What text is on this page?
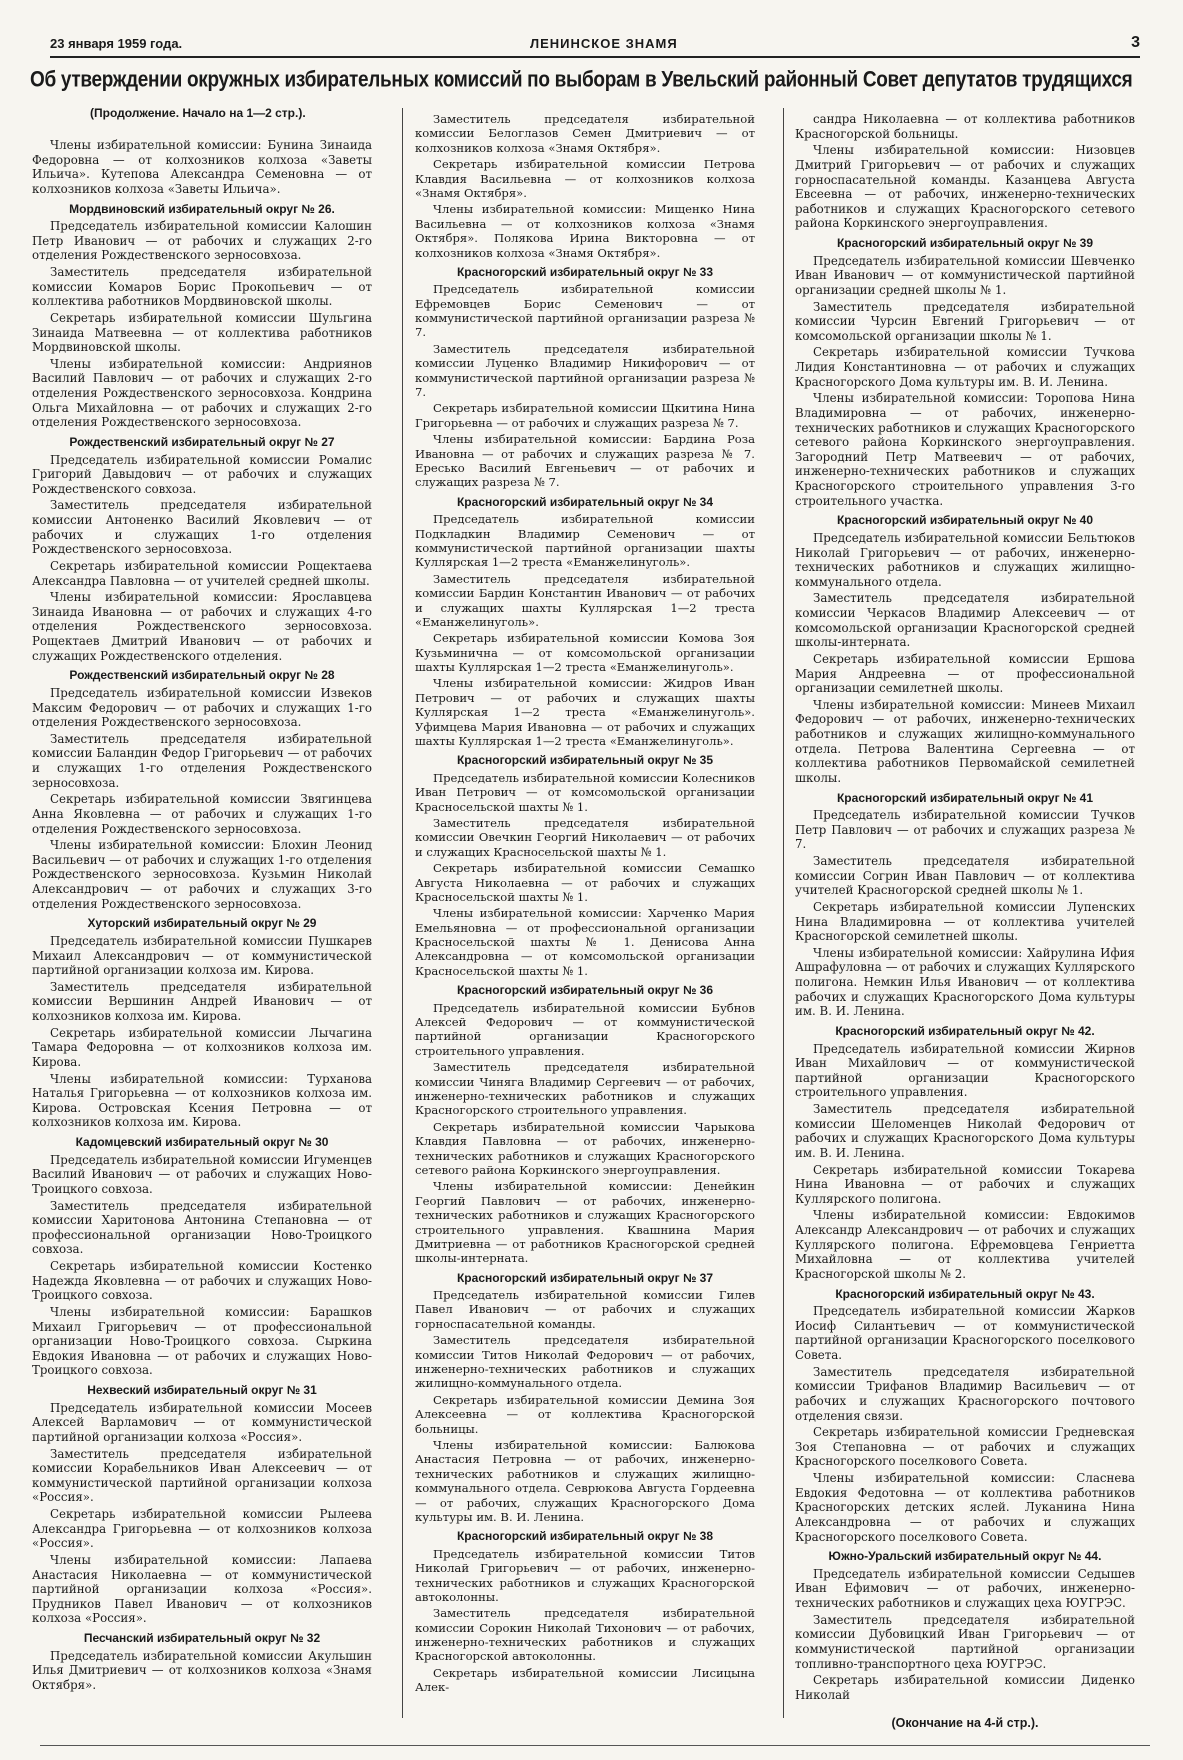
23 января 1959 года.	ЛЕНИНСКОЕ ЗНАМЯ	3
Об утверждении окружных избирательных комиссий по выборам в Увельский районный Совет депутатов трудящихся
(Продолжение. Начало на 1—2 стр.).

Члены избирательной комиссии: Бунина Зинаида Федоровна — от колхозников колхоза «Заветы Ильича». Кутепова Александра Семеновна — от колхозников колхоза «Заветы Ильича».

Мордвиновский избирательный округ № 26.

Председатель избирательной комиссии Калошин Петр Иванович — от рабочих и служащих 2-го отделения Рождественского зерносовхоза.

Заместитель председателя избирательной комиссии Комаров Борис Прокопьевич — от коллектива работников Мордвиновской школы.

Секретарь избирательной комиссии Шульгина Зинаида Матвеевна — от коллектива работников Мордвиновской школы.

Члены избирательной комиссии: Андриянов Василий Павлович — от рабочих и служащих 2-го отделения Рождественского зерносовхоза. Кондрина Ольга Михайловна — от рабочих и служащих 2-го отделения Рождественского зерносовхоза.

Рождественский избирательный округ № 27

Председатель избирательной комиссии Ромалис Григорий Давыдович — от рабочих и служащих Рождественского совхоза.

Заместитель председателя избирательной комиссии Антоненко Василий Яковлевич — от рабочих и служащих 1-го отделения Рождественского зерносовхоза.

Секретарь избирательной комиссии Рощектаева Александра Павловна — от учителей средней школы.

Члены избирательной комиссии: Ярославцева Зинаида Ивановна — от рабочих и служащих 4-го отделения Рождественского зерносовхоза. Рощектаев Дмитрий Иванович — от рабочих и служащих Рождественского отделения.

Рождественский избирательный округ № 28

Председатель избирательной комиссии Извеков Максим Федорович — от рабочих и служащих 1-го отделения Рождественского зерносовхоза.

Заместитель председателя избирательной комиссии Баландин Федор Григорьевич — от рабочих и служащих 1-го отделения Рождественского зерносовхоза.

Секретарь избирательной комиссии Звягинцева Анна Яковлевна — от рабочих и служащих 1-го отделения Рождественского зерносовхоза.

Члены избирательной комиссии: Блохин Леонид Васильевич — от рабочих и служащих 1-го отделения Рождественского зерносовхоза. Кузьмин Николай Александрович — от рабочих и служащих 3-го отделения Рождественского зерносовхоза.

Хуторский избирательный округ № 29

Председатель избирательной комиссии Пушкарев Михаил Александрович — от коммунистической партийной организации колхоза им. Кирова.

Заместитель председателя избирательной комиссии Вершинин Андрей Иванович — от колхозников колхоза им. Кирова.

Секретарь избирательной комиссии Лычагина Тамара Федоровна — от колхозников колхоза им. Кирова.

Члены избирательной комиссии: Турханова Наталья Григорьевна — от колхозников колхоза им. Кирова. Островская Ксения Петровна — от колхозников колхоза им. Кирова.

Кадомцевский избирательный округ № 30

Председатель избирательной комиссии Игуменцев Василий Иванович — от рабочих и служащих Ново-Троицкого совхоза.

Заместитель председателя избирательной комиссии Харитонова Антонина Степановна — от профессиональной организации Ново-Троицкого совхоза.

Секретарь избирательной комиссии Костенко Надежда Яковлевна — от рабочих и служащих Ново-Троицкого совхоза.

Члены избирательной комиссии: Барашков Михаил Григорьевич — от профессиональной организации Ново-Троицкого совхоза. Сыркина Евдокия Ивановна — от рабочих и служащих Ново-Троицкого совхоза.

Нехвеский избирательный округ № 31

Председатель избирательной комиссии Мосеев Алексей Варламович — от коммунистической партийной организации колхоза «Россия».

Заместитель председателя избирательной комиссии Корабельников Иван Алексеевич — от коммунистической партийной организации колхоза «Россия».

Секретарь избирательной комиссии Рылеева Александра Григорьевна — от колхозников колхоза «Россия».

Члены избирательной комиссии: Лапаева Анастасия Николаевна — от коммунистической партийной организации колхоза «Россия». Прудников Павел Иванович — от колхозников колхоза «Россия».

Песчанский избирательный округ № 32

Председатель избирательной комиссии Акульшин Илья Дмитриевич — от колхозников колхоза «Знамя Октября».

Заместитель председателя избирательной комиссии Белоглазов Семен Дмитриевич — от колхозников колхоза «Знамя Октября».

Секретарь избирательной комиссии Петрова Клавдия Васильевна — от колхозников колхоза «Знамя Октября».

Члены избирательной комиссии: Мищенко Нина Васильевна — от колхозников колхоза «Знамя Октября». Полякова Ирина Викторовна — от колхозников колхоза «Знамя Октября».

Красногорский избирательный округ № 33

Председатель избирательной комиссии Ефремовцев Борис Семенович — от коммунистической партийной организации разреза № 7.

Заместитель председателя избирательной комиссии Луценко Владимир Никифорович — от коммунистической партийной организации разреза № 7.

Секретарь избирательной комиссии Щкитина Нина Григорьевна — от рабочих и служащих разреза № 7.

Члены избирательной комиссии: Бардина Роза Ивановна — от рабочих и служащих разреза № 7. Ересько Василий Евгеньевич — от рабочих и служащих разреза № 7.

Красногорский избирательный округ № 34

Председатель избирательной комиссии Подкладкин Владимир Семенович — от коммунистической партийной организации шахты Куллярская 1—2 треста «Еманжелинуголь».

Заместитель председателя избирательной комиссии Бардин Константин Иванович — от рабочих и служащих шахты Куллярская 1—2 треста «Еманжелинуголь».

Секретарь избирательной комиссии Комова Зоя Кузьминична — от комсомольской организации шахты Куллярская 1—2 треста «Еманжелинуголь».

Члены избирательной комиссии: Жидров Иван Петрович — от рабочих и служащих шахты Куллярская 1—2 треста «Еманжелинуголь». Уфимцева Мария Ивановна — от рабочих и служащих шахты Куллярская 1—2 треста «Еманжелинуголь».

Красногорский избирательный округ № 35

Председатель избирательной комиссии Колесников Иван Петрович — от комсомольской организации Красносельской шахты № 1.

Заместитель председателя избирательной комиссии Овечкин Георгий Николаевич — от рабочих и служащих Красносельской шахты № 1.

Секретарь избирательной комиссии Семашко Августа Николаевна — от рабочих и служащих Красносельской шахты № 1.

Члены избирательной комиссии: Харченко Мария Емельяновна — от профессиональной организации Красносельской шахты № 1. Денисова Анна Александровна — от комсомольской организации Красносельской шахты № 1.

Красногорский избирательный округ № 36

Председатель избирательной комиссии Бубнов Алексей Федорович — от коммунистической партийной организации Красногорского строительного управления.

Заместитель председателя избирательной комиссии Чиняга Владимир Сергеевич — от рабочих, инженерно-технических работников и служащих Красногорского строительного управления.

Секретарь избирательной комиссии Чарыкова Клавдия Павловна — от рабочих, инженерно-технических работников и служащих Красногорского сетевого района Коркинского энергоуправления.

Члены избирательной комиссии: Денейкин Георгий Павлович — от рабочих, инженерно-технических работников и служащих Красногорского строительного управления. Квашнина Мария Дмитриевна — от работников Красногорской средней школы-интерната.

Красногорский избирательный округ № 37

Председатель избирательной комиссии Гилев Павел Иванович — от рабочих и служащих горноспасательной команды.

Заместитель председателя избирательной комиссии Титов Николай Федорович — от рабочих, инженерно-технических работников и служащих жилищно-коммунального отдела.

Секретарь избирательной комиссии Демина Зоя Алексеевна — от коллектива Красногорской больницы.

Члены избирательной комиссии: Балюкова Анастасия Петровна — от рабочих, инженерно-технических работников и служащих жилищно-коммунального отдела. Севрюкова Августа Гордеевна — от рабочих, служащих Красногорского Дома культуры им. В. И. Ленина.

Красногорский избирательный округ № 38

Председатель избирательной комиссии Титов Николай Григорьевич — от рабочих, инженерно-технических работников и служащих Красногорской автоколонны.

Заместитель председателя избирательной комиссии Сорокин Николай Тихонович — от рабочих, инженерно-технических работников и служащих Красногорской автоколонны.

Секретарь избирательной комиссии Лисицына Алек-

сандра Николаевна — от коллектива работников Красногорской больницы.

Члены избирательной комиссии: Низовцев Дмитрий Григорьевич — от рабочих и служащих горноспасательной команды. Казанцева Августа Евсеевна — от рабочих, инженерно-технических работников и служащих Красногорского сетевого района Коркинского энергоуправления.

Красногорский избирательный округ № 39

Председатель избирательной комиссии Шевченко Иван Иванович — от коммунистической партийной организации средней школы № 1.

Заместитель председателя избирательной комиссии Чурсин Евгений Григорьевич — от комсомольской организации школы № 1.

Секретарь избирательной комиссии Тучкова Лидия Константиновна — от рабочих и служащих Красногорского Дома культуры им. В. И. Ленина.

Члены избирательной комиссии: Торопова Нина Владимировна — от рабочих, инженерно-технических работников и служащих Красногорского сетевого района Коркинского энергоуправления. Загородний Петр Матвеевич — от рабочих, инженерно-технических работников и служащих Красногорского строительного управления 3-го строительного участка.

Красногорский избирательный округ № 40

Председатель избирательной комиссии Бельтюков Николай Григорьевич — от рабочих, инженерно-технических работников и служащих жилищно-коммунального отдела.

Заместитель председателя избирательной комиссии Черкасов Владимир Алексеевич — от комсомольской организации Красногорской средней школы-интерната.

Секретарь избирательной комиссии Ершова Мария Андреевна — от профессиональной организации семилетней школы.

Члены избирательной комиссии: Минеев Михаил Федорович — от рабочих, инженерно-технических работников и служащих жилищно-коммунального отдела. Петрова Валентина Сергеевна — от коллектива работников Первомайской семилетней школы.

Красногорский избирательный округ № 41

Председатель избирательной комиссии Тучков Петр Павлович — от рабочих и служащих разреза № 7.

Заместитель председателя избирательной комиссии Согрин Иван Павлович — от коллектива учителей Красногорской средней школы № 1.

Секретарь избирательной комиссии Лупенских Нина Владимировна — от коллектива учителей Красногорской семилетней школы.

Члены избирательной комиссии: Хайрулина Ифия Ашрафуловна — от рабочих и служащих Куллярского полигона. Немкин Илья Иванович — от коллектива рабочих и служащих Красногорского Дома культуры им. В. И. Ленина.

Красногорский избирательный округ № 42.

Председатель избирательной комиссии Жирнов Иван Михайлович — от коммунистической партийной организации Красногорского строительного управления.

Заместитель председателя избирательной комиссии Шеломенцев Николай Федорович от рабочих и служащих Красногорского Дома культуры им. В. И. Ленина.

Секретарь избирательной комиссии Токарева Нина Ивановна — от рабочих и служащих Куллярского полигона.

Члены избирательной комиссии: Евдокимов Александр Александрович — от рабочих и служащих Куллярского полигона. Ефремовцева Генриетта Михайловна — от коллектива учителей Красногорской школы № 2.

Красногорский избирательный округ № 43.

Председатель избирательной комиссии Жарков Иосиф Силантьевич — от коммунистической партийной организации Красногорского поселкового Совета.

Заместитель председателя избирательной комиссии Трифанов Владимир Васильевич — от рабочих и служащих Красногорского почтового отделения связи.

Секретарь избирательной комиссии Гредневская Зоя Степановна — от рабочих и служащих Красногорского поселкового Совета.

Члены избирательной комиссии: Сласнева Евдокия Федотовна — от коллектива работников Красногорских детских яслей. Луканина Нина Александровна — от рабочих и служащих Красногорского поселкового Совета.

Южно-Уральский избирательный округ № 44.

Председатель избирательной комиссии Седышев Иван Ефимович — от рабочих, инженерно-технических работников и служащих цеха ЮУГРЭС.

Заместитель председателя избирательной комиссии Дубовицкий Иван Григорьевич — от коммунистической партийной организации топливно-транспортного цеха ЮУГРЭС.

Секретарь избирательной комиссии Диденко Николай

(Окончание на 4-й стр.).
